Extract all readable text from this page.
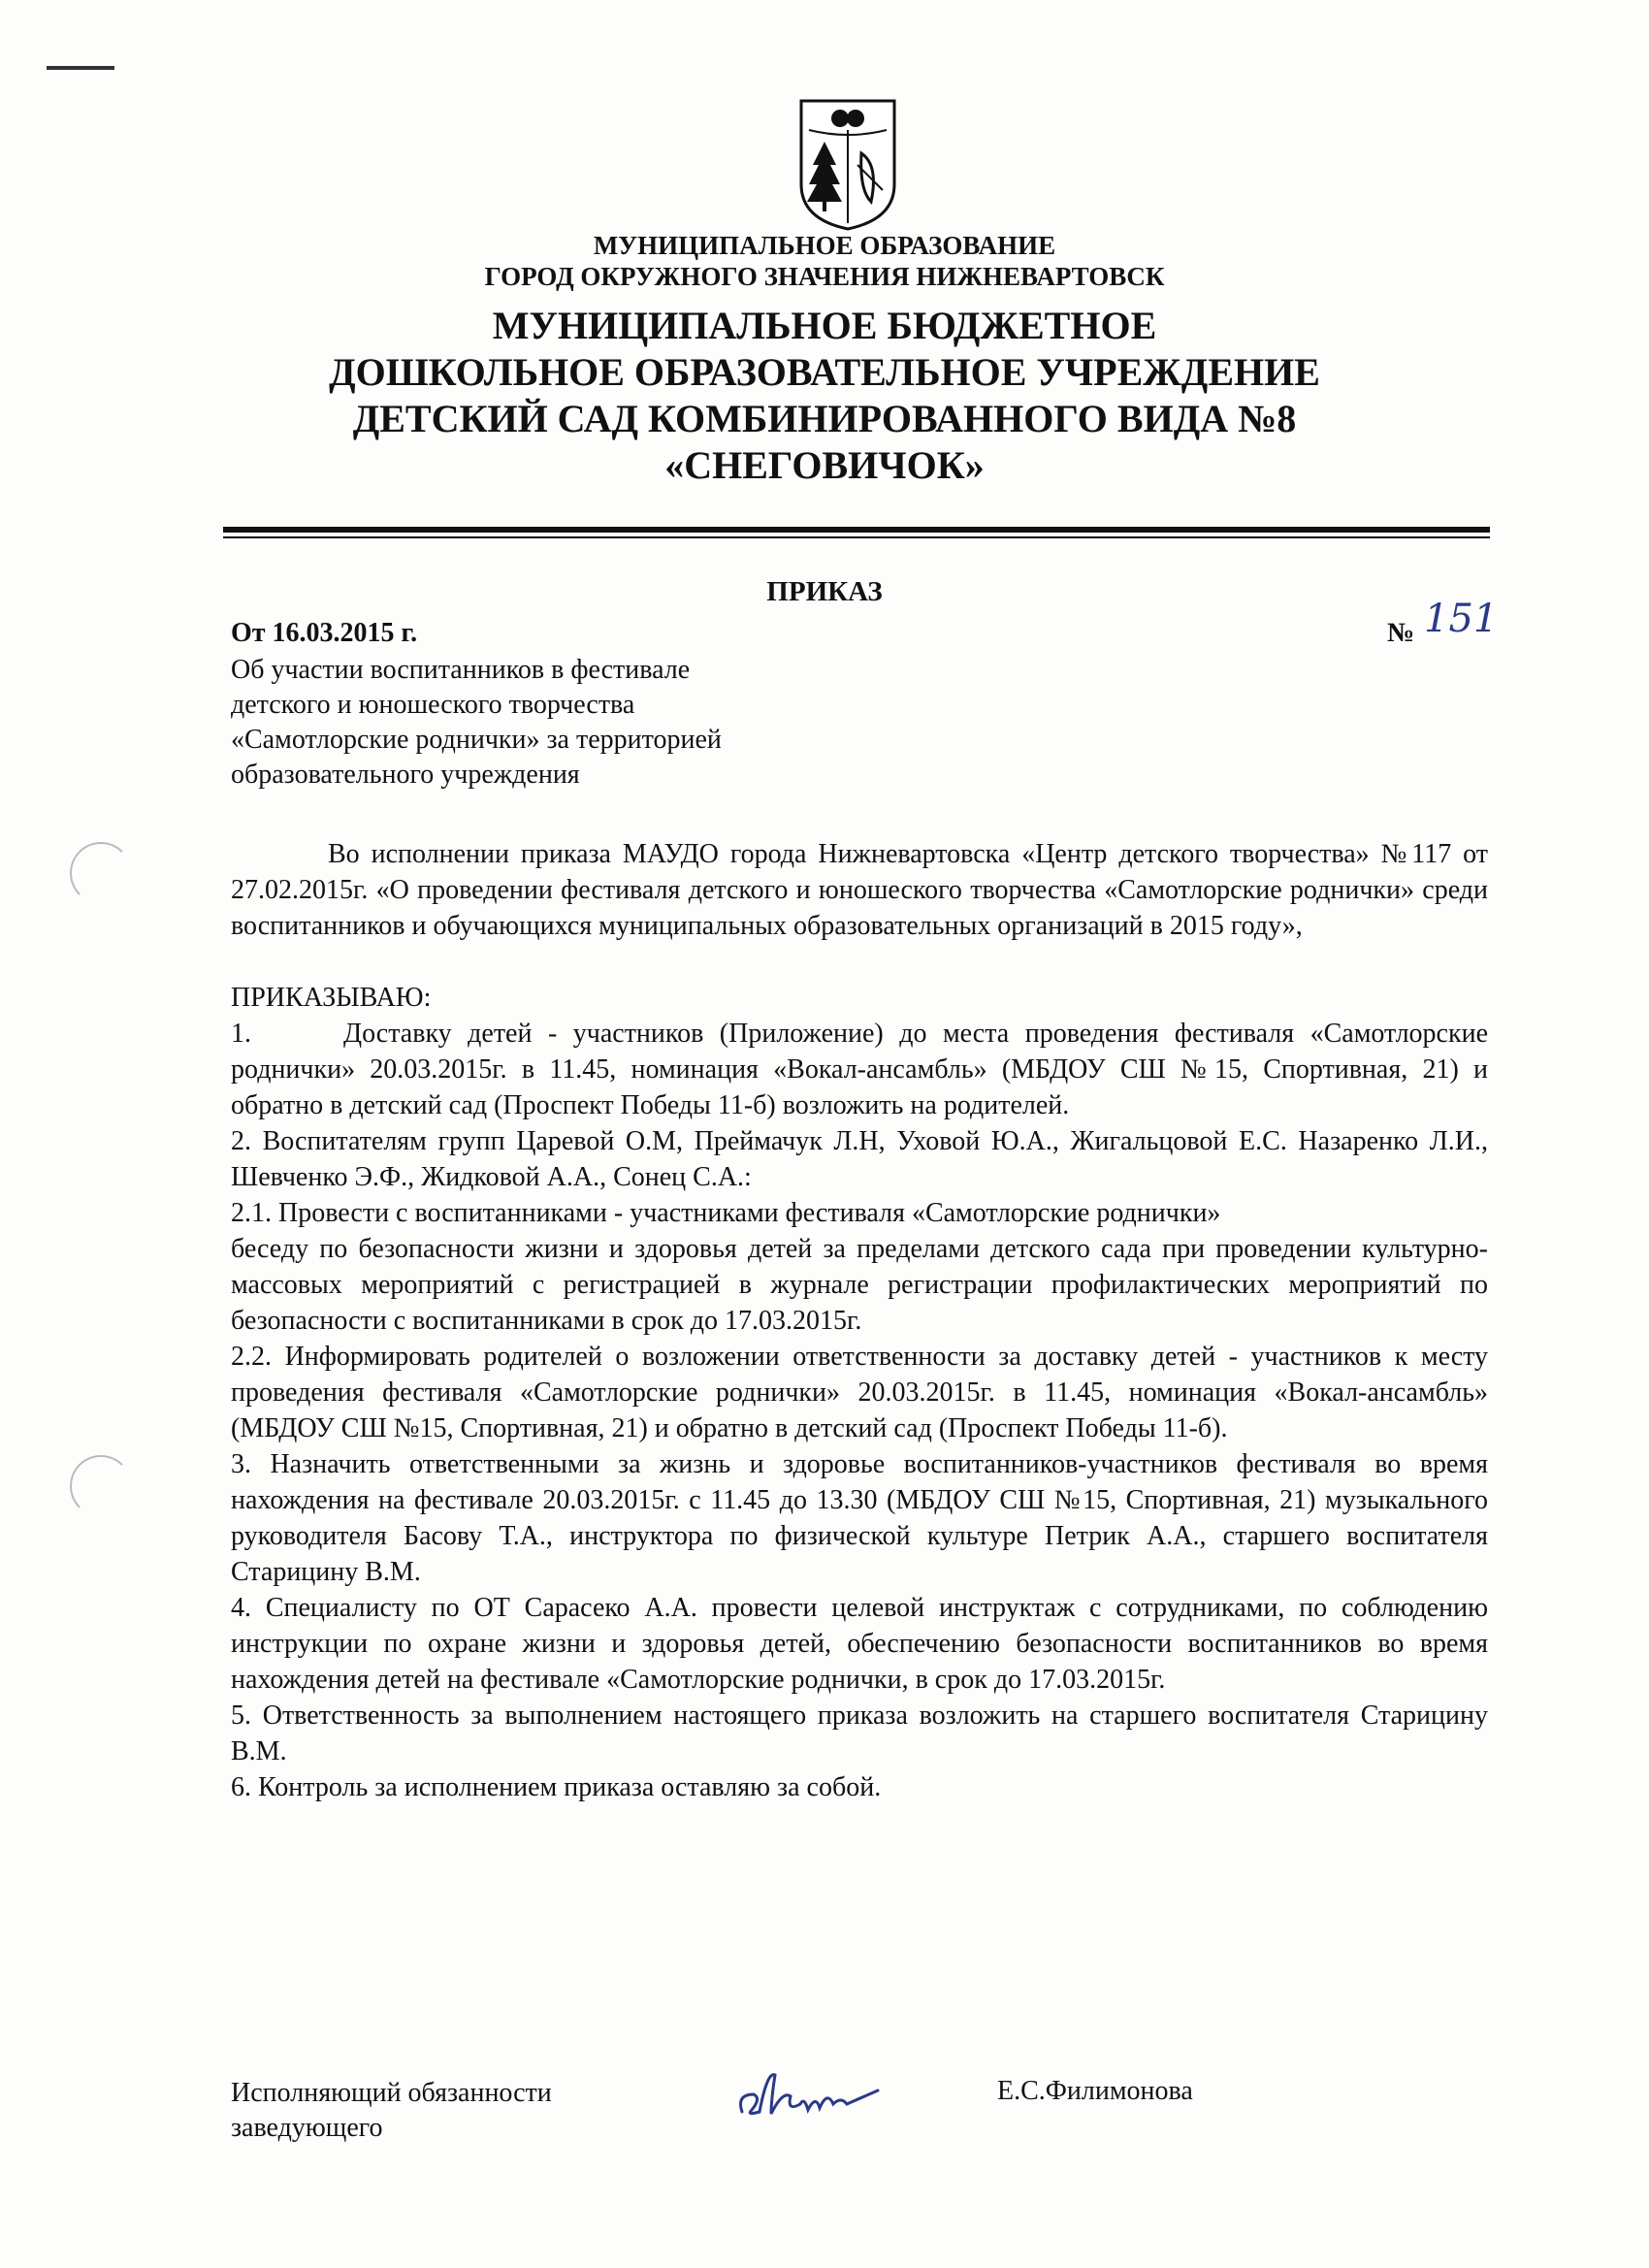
МУНИЦИПАЛЬНОЕ ОБРАЗОВАНИЕ
ГОРОД ОКРУЖНОГО ЗНАЧЕНИЯ НИЖНЕВАРТОВСК
МУНИЦИПАЛЬНОЕ БЮДЖЕТНОЕ
ДОШКОЛЬНОЕ ОБРАЗОВАТЕЛЬНОЕ УЧРЕЖДЕНИЕ
ДЕТСКИЙ САД КОМБИНИРОВАННОГО ВИДА №8
«СНЕГОВИЧОК»
ПРИКАЗ
От 16.03.2015 г.	№ 151
Об участии воспитанников в фестивале
детского и юношеского творчества
«Самотлорские роднички» за территорией
образовательного учреждения

Во исполнении приказа МАУДО города Нижневартовска «Центр детского творчества» №117 от 27.02.2015г. «О проведении фестиваля детского и юношеского творчества «Самотлорские роднички» среди воспитанников и обучающихся муниципальных образовательных организаций в 2015 году»,

ПРИКАЗЫВАЮ:

1.	Доставку детей - участников (Приложение) до места проведения фестиваля «Самотлорские роднички» 20.03.2015г. в 11.45, номинация «Вокал-ансамбль» (МБДОУ СШ №15, Спортивная, 21) и обратно в детский сад (Проспект Победы 11-б) возложить на родителей.

2. Воспитателям групп Царевой О.М, Преймачук Л.Н, Уховой Ю.А., Жигальцовой Е.С. Назаренко Л.И., Шевченко Э.Ф., Жидковой А.А., Сонец С.А.:

2.1. Провести с воспитанниками - участниками фестиваля «Самотлорские роднички»

беседу по безопасности жизни и здоровья детей за пределами детского сада при проведении культурно-массовых мероприятий с регистрацией в журнале регистрации профилактических мероприятий по безопасности с воспитанниками в срок до 17.03.2015г.

2.2. Информировать родителей о возложении ответственности за доставку детей - участников к месту проведения фестиваля «Самотлорские роднички» 20.03.2015г. в 11.45, номинация «Вокал-ансамбль» (МБДОУ СШ №15, Спортивная, 21) и обратно в детский сад (Проспект Победы 11-б).

3. Назначить ответственными за жизнь и здоровье воспитанников-участников фестиваля во время нахождения на фестивале 20.03.2015г. с 11.45 до 13.30 (МБДОУ СШ №15, Спортивная, 21) музыкального руководителя Басову Т.А., инструктора по физической культуре Петрик А.А., старшего воспитателя Старицину В.М.

4. Специалисту по ОТ Сарасеко А.А. провести целевой инструктаж с сотрудниками, по соблюдению инструкции по охране жизни и здоровья детей, обеспечению безопасности воспитанников во время нахождения детей на фестивале «Самотлорские роднички, в срок до 17.03.2015г.

5. Ответственность за выполнением настоящего приказа возложить на старшего воспитателя Старицину В.М.

6. Контроль за исполнением приказа оставляю за собой.

Исполняющий обязанности
заведующего
Е.С.Филимонова
